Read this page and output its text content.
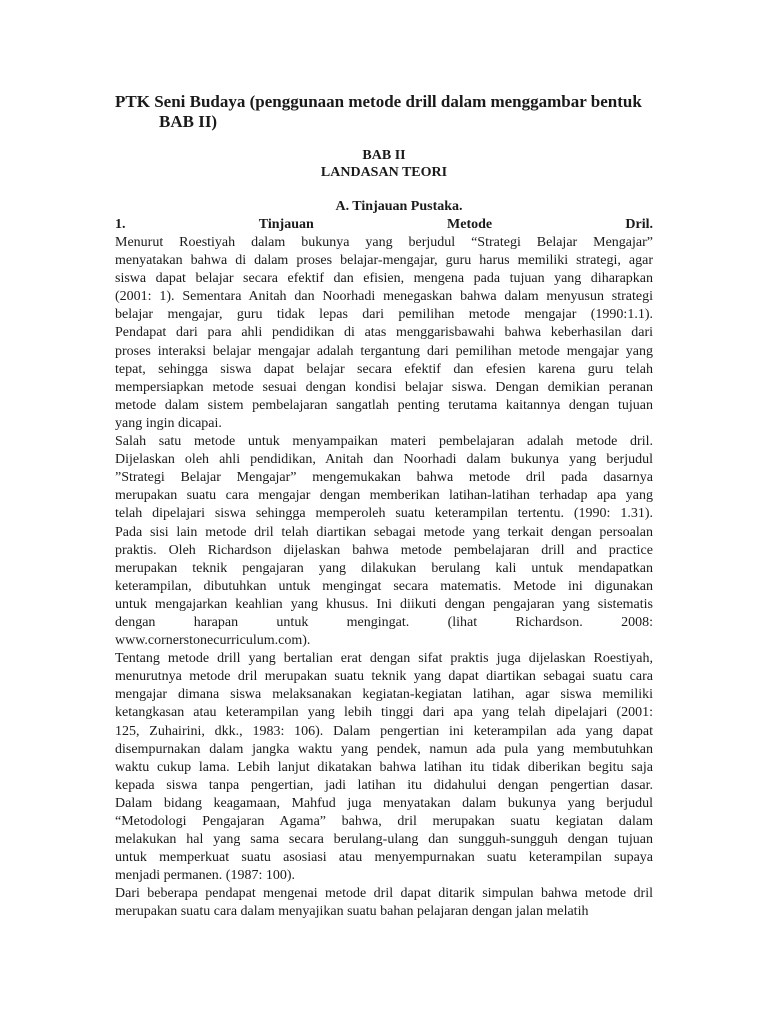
PTK Seni Budaya (penggunaan metode drill dalam menggambar bentuk
BAB II)
BAB II
LANDASAN TEORI
A. Tinjauan Pustaka.
1.	Tinjauan	Metode	Dril.
Menurut Roestiyah dalam bukunya yang berjudul “Strategi Belajar Mengajar”
menyatakan bahwa di dalam proses belajar-mengajar, guru harus memiliki strategi, agar
siswa dapat belajar secara efektif dan efisien, mengena pada tujuan yang diharapkan
(2001: 1). Sementara Anitah dan Noorhadi menegaskan bahwa dalam menyusun strategi
belajar mengajar, guru tidak lepas dari pemilihan metode mengajar (1990:1.1).
Pendapat dari para ahli pendidikan di atas menggarisbawahi bahwa keberhasilan dari
proses interaksi belajar mengajar adalah tergantung dari pemilihan metode mengajar yang
tepat, sehingga siswa dapat belajar secara efektif dan efesien karena guru telah
mempersiapkan metode sesuai dengan kondisi belajar siswa. Dengan demikian peranan
metode dalam sistem pembelajaran sangatlah penting terutama kaitannya dengan tujuan
yang ingin dicapai.
Salah satu metode untuk menyampaikan materi pembelajaran adalah metode dril.
Dijelaskan oleh ahli pendidikan, Anitah dan Noorhadi dalam bukunya yang berjudul
”Strategi Belajar Mengajar” mengemukakan bahwa metode dril pada dasarnya
merupakan suatu cara mengajar dengan memberikan latihan-latihan terhadap apa yang
telah dipelajari siswa sehingga memperoleh suatu keterampilan tertentu. (1990: 1.31).
Pada sisi lain metode dril telah diartikan sebagai metode yang terkait dengan persoalan
praktis. Oleh Richardson dijelaskan bahwa metode pembelajaran drill and practice
merupakan teknik pengajaran yang dilakukan berulang kali untuk mendapatkan
keterampilan, dibutuhkan untuk mengingat secara matematis. Metode ini digunakan
untuk mengajarkan keahlian yang khusus. Ini diikuti dengan pengajaran yang sistematis
dengan harapan untuk mengingat. (lihat Richardson. 2008:
www.cornerstonecurriculum.com).
Tentang metode drill yang bertalian erat dengan sifat praktis juga dijelaskan Roestiyah,
menurutnya metode dril merupakan suatu teknik yang dapat diartikan sebagai suatu cara
mengajar dimana siswa melaksanakan kegiatan-kegiatan latihan, agar siswa memiliki
ketangkasan atau keterampilan yang lebih tinggi dari apa yang telah dipelajari (2001:
125, Zuhairini, dkk., 1983: 106). Dalam pengertian ini keterampilan ada yang dapat
disempurnakan dalam jangka waktu yang pendek, namun ada pula yang membutuhkan
waktu cukup lama. Lebih lanjut dikatakan bahwa latihan itu tidak diberikan begitu saja
kepada siswa tanpa pengertian, jadi latihan itu didahului dengan pengertian dasar.
Dalam bidang keagamaan, Mahfud juga menyatakan dalam bukunya yang berjudul
“Metodologi Pengajaran Agama” bahwa, dril merupakan suatu kegiatan dalam
melakukan hal yang sama secara berulang-ulang dan sungguh-sungguh dengan tujuan
untuk memperkuat suatu asosiasi atau menyempurnakan suatu keterampilan supaya
menjadi permanen. (1987: 100).
Dari beberapa pendapat mengenai metode dril dapat ditarik simpulan bahwa metode dril
merupakan suatu cara dalam menyajikan suatu bahan pelajaran dengan jalan melatih
